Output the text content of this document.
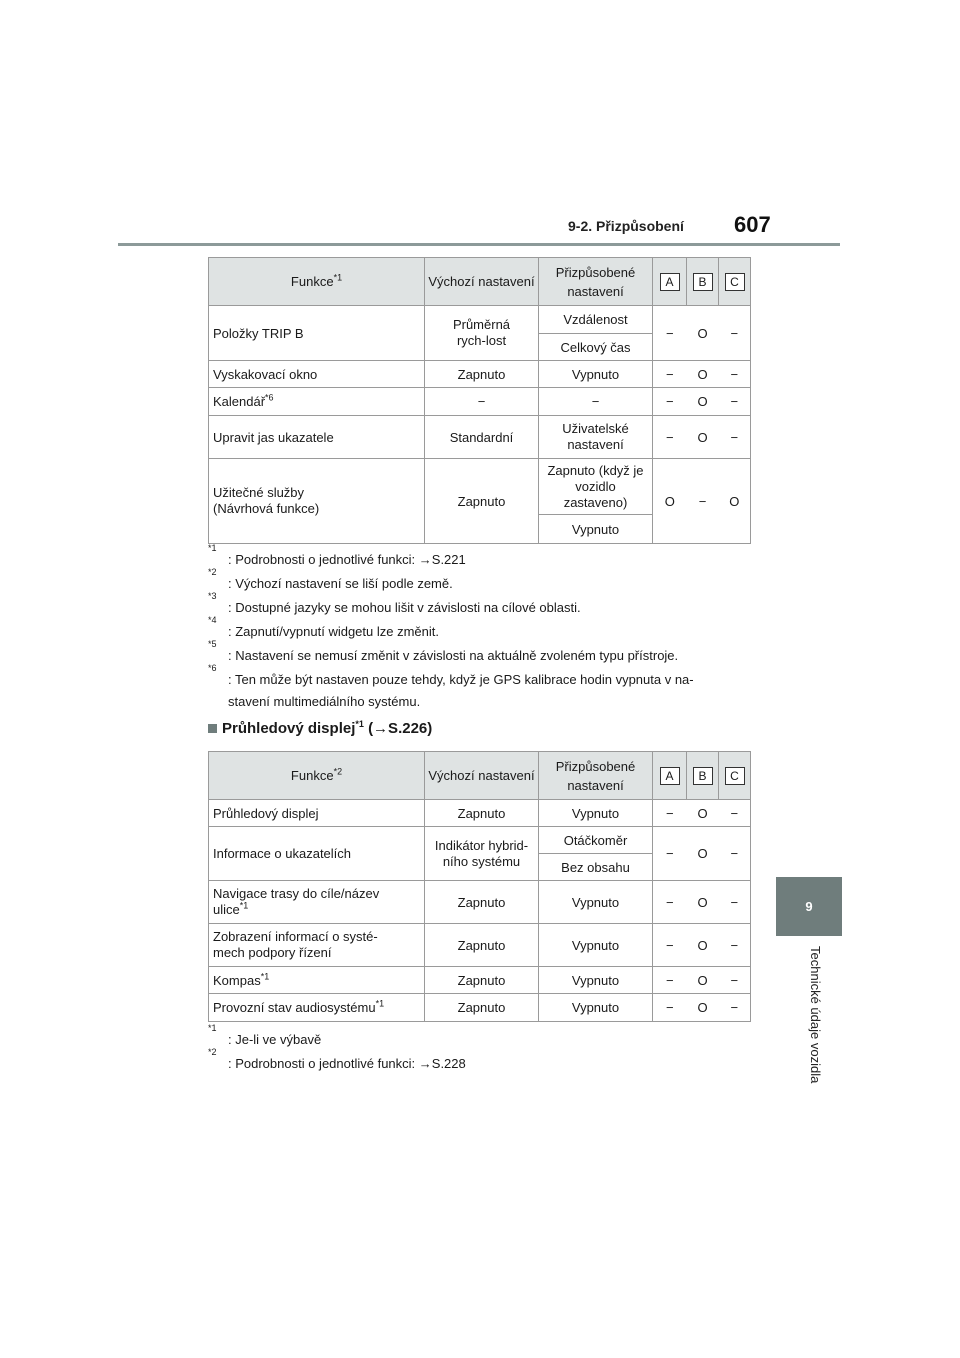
9-2. Přizpůsobení 607
9
Technické údaje vozidla
Funkce$^{*1}$	Výchozí nastavení	Přizpůsobené nastavení	A	B	C
Položky TRIP B	Průměrná rych-lost	Vzdálenost	−	O	−
		Celkový čas			
Vyskakovací okno	Zapnuto	Vypnuto	−	O	−
Kalendář$^{*6}$	−	−	−	O	−
Upravit jas ukazatele	Standardní	Uživatelské nastavení	−	O	−
Užitečné služby
(Návrhová funkce)	Zapnuto	Zapnuto (když je vozidlo zastaveno)	O	−	O
		Vypnuto			
*1
: Podrobnosti o jednotlivé funkci: →S.221
*2
: Výchozí nastavení se liší podle země.
*3
: Dostupné jazyky se mohou lišit v závislosti na cílové oblasti.
*4
: Zapnutí/vypnutí widgetu lze změnit.
*5
: Nastavení se nemusí změnit v závislosti na aktuálně zvoleném typu přístroje.
*6
: Ten může být nastaven pouze tehdy, když je GPS kalibrace hodin vypnuta v na-
stavení multimediálního systému.
Průhledový displej$^{*1}$ (→S.226)
Funkce$^{*2}$	Výchozí nastavení	Přizpůsobené nastavení	A	B	C
Průhledový displej	Zapnuto	Vypnuto	−	O	−
Informace o ukazatelích	Indikátor hybrid-ního systému	Otáčkoměr	−	O	−
		Bez obsahu			
Navigace trasy do cíle/název
ulice$^{*1}$	Zapnuto	Vypnuto	−	O	−
Zobrazení informací o systé-
mech podpory řízení	Zapnuto	Vypnuto	−	O	−
Kompas$^{*1}$	Zapnuto	Vypnuto	−	O	−
Provozní stav audiosystému$^{*1}$	Zapnuto	Vypnuto	−	O	−
*1
: Je-li ve výbavě
*2
: Podrobnosti o jednotlivé funkci: →S.228
